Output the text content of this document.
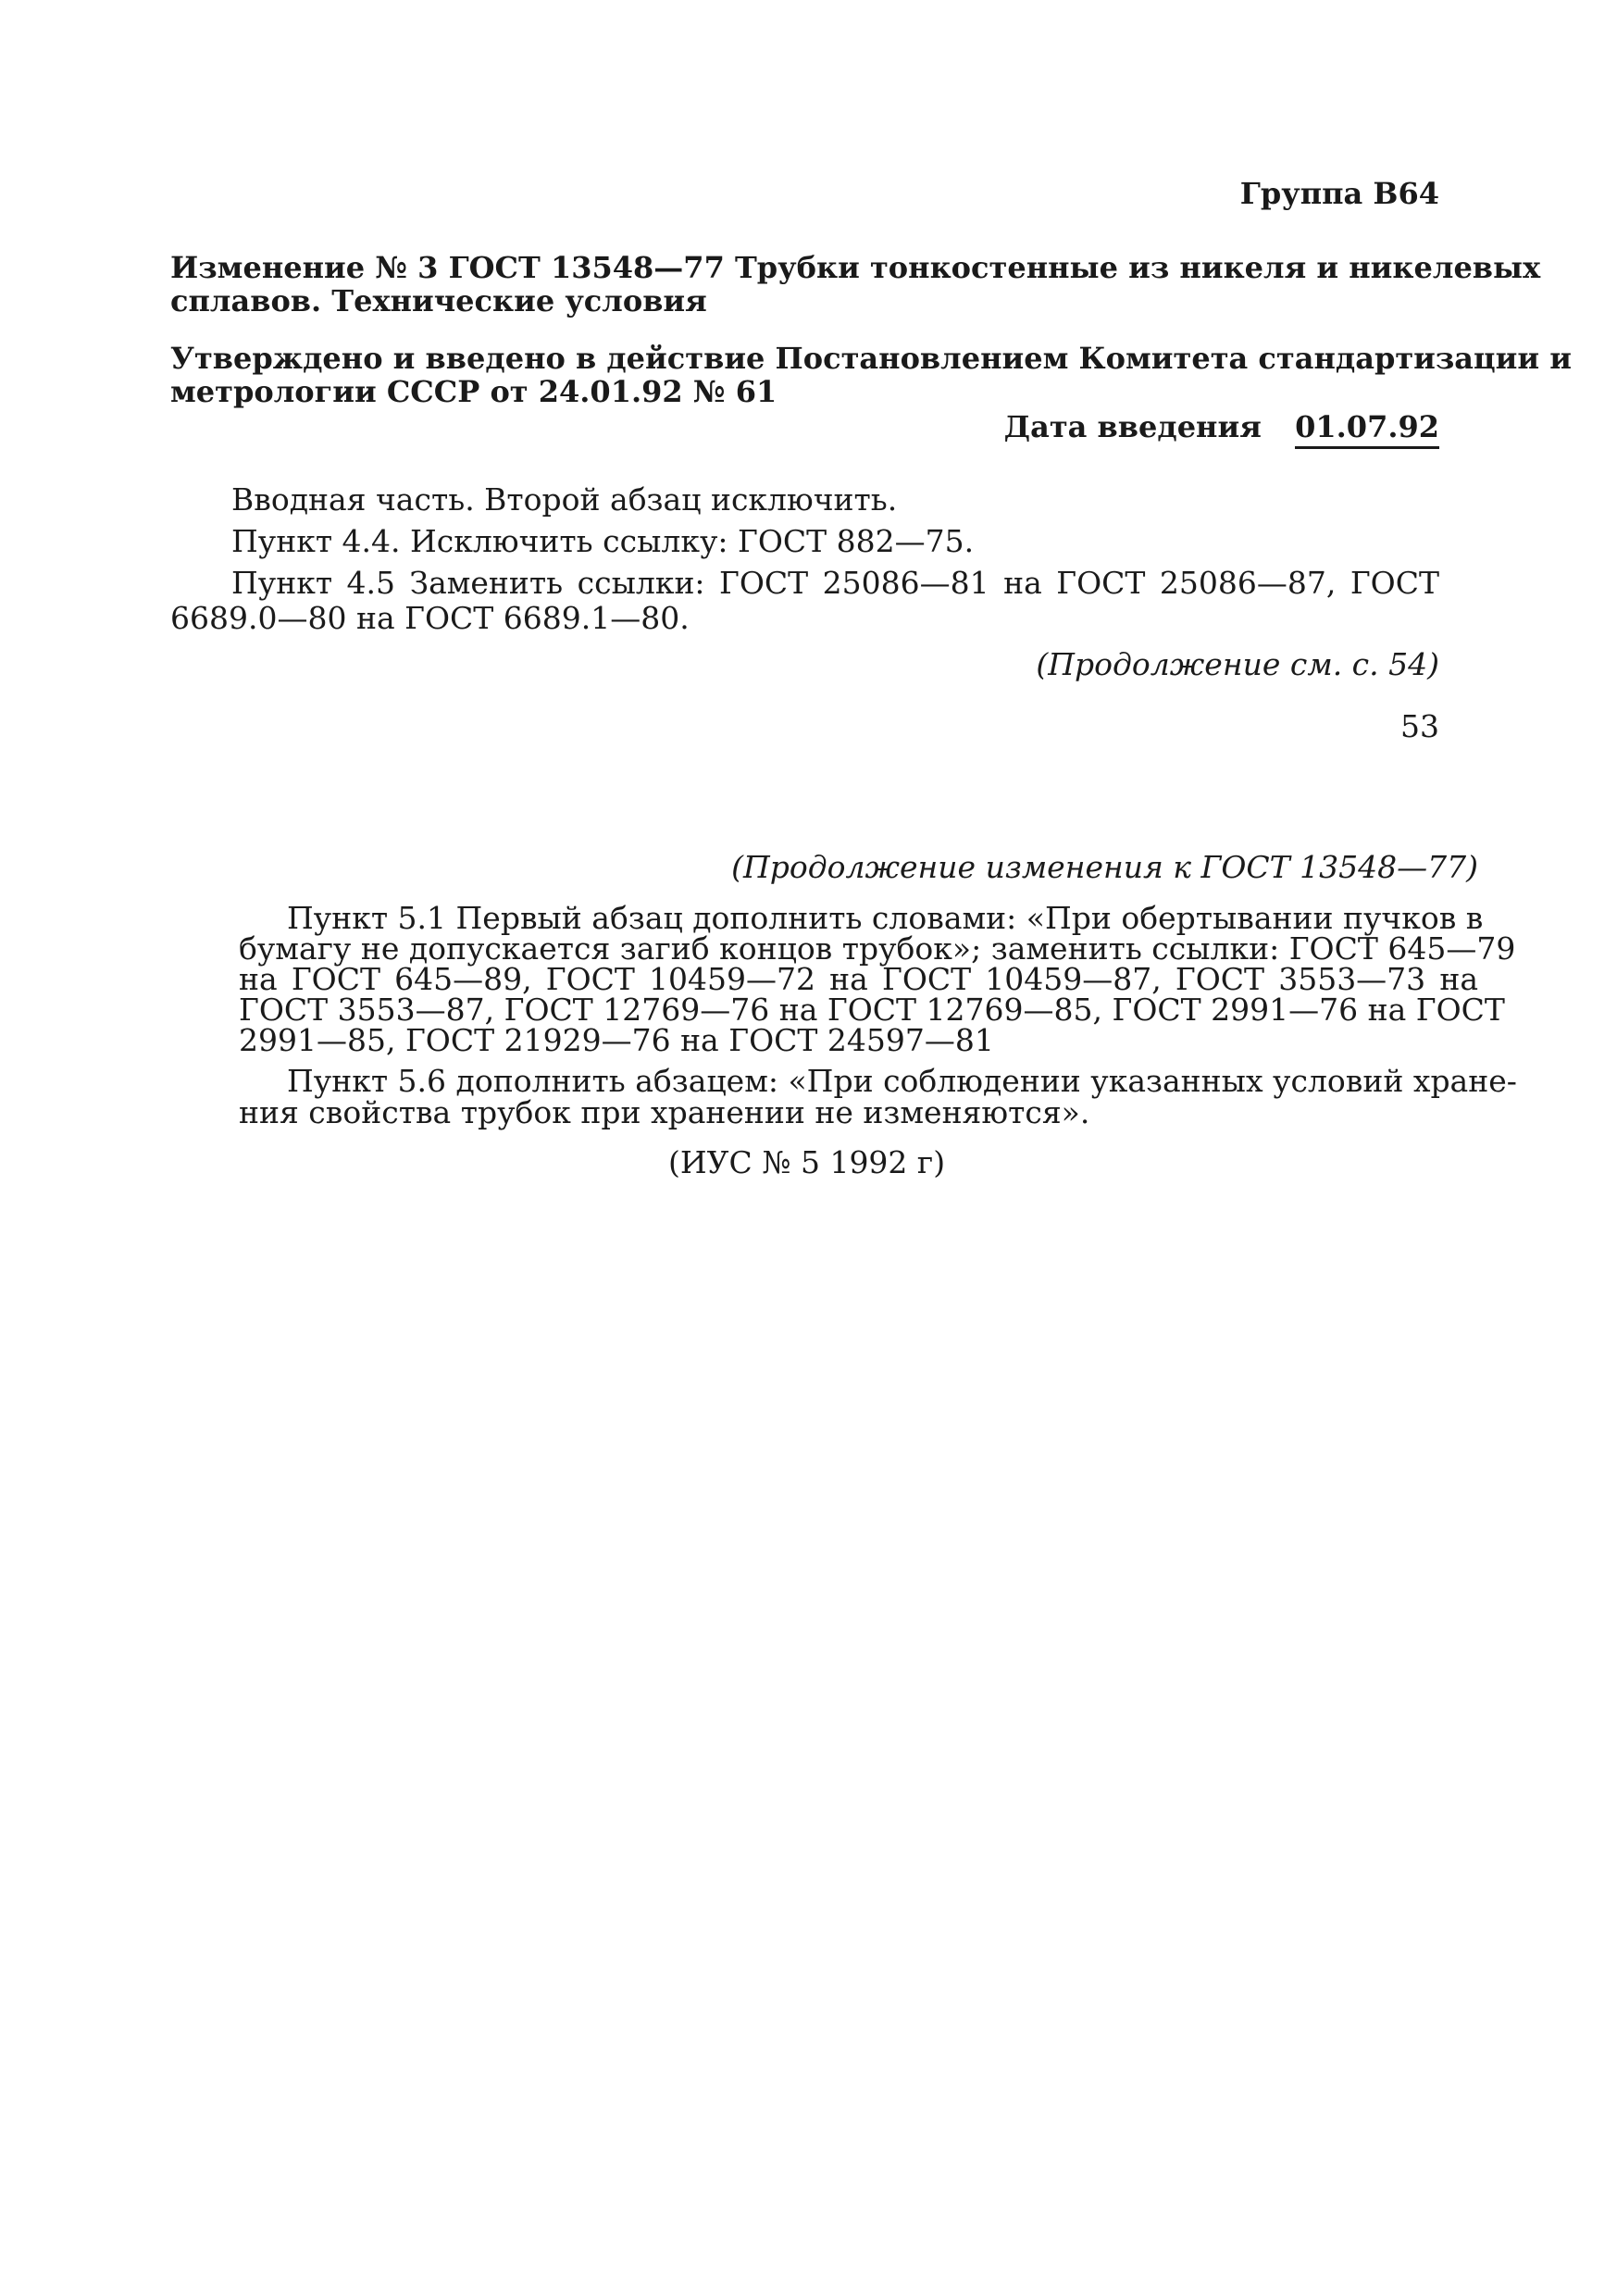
Группа В64
Изменение № 3 ГОСТ 13548—77 Трубки тонкостенные из никеля и никелевых
сплавов. Технические условия
Утверждено и введено в действие Постановлением Комитета стандартизации и
метрологии СССР от 24.01.92 № 61
Дата введения 01.07.92
Вводная часть. Второй абзац исключить.
Пункт 4.4. Исключить ссылку: ГОСТ 882—75.
Пункт 4.5 Заменить ссылки: ГОСТ 25086—81 на ГОСТ 25086—87, ГОСТ
6689.0—80 на ГОСТ 6689.1—80.
(Продолжение см. с. 54)
53
(Продолжение изменения к ГОСТ 13548—77)
Пункт 5.1 Первый абзац дополнить словами: «При обертывании пучков в
бумагу не допускается загиб концов трубок»; заменить ссылки: ГОСТ 645—79
на ГОСТ 645—89, ГОСТ 10459—72 на ГОСТ 10459—87, ГОСТ 3553—73 на
ГОСТ 3553—87, ГОСТ 12769—76 на ГОСТ 12769—85, ГОСТ 2991—76 на ГОСТ
2991—85, ГОСТ 21929—76 на ГОСТ 24597—81
Пункт 5.6 дополнить абзацем: «При соблюдении указанных условий хране-
ния свойства трубок при хранении не изменяются».
(ИУС № 5 1992 г)
